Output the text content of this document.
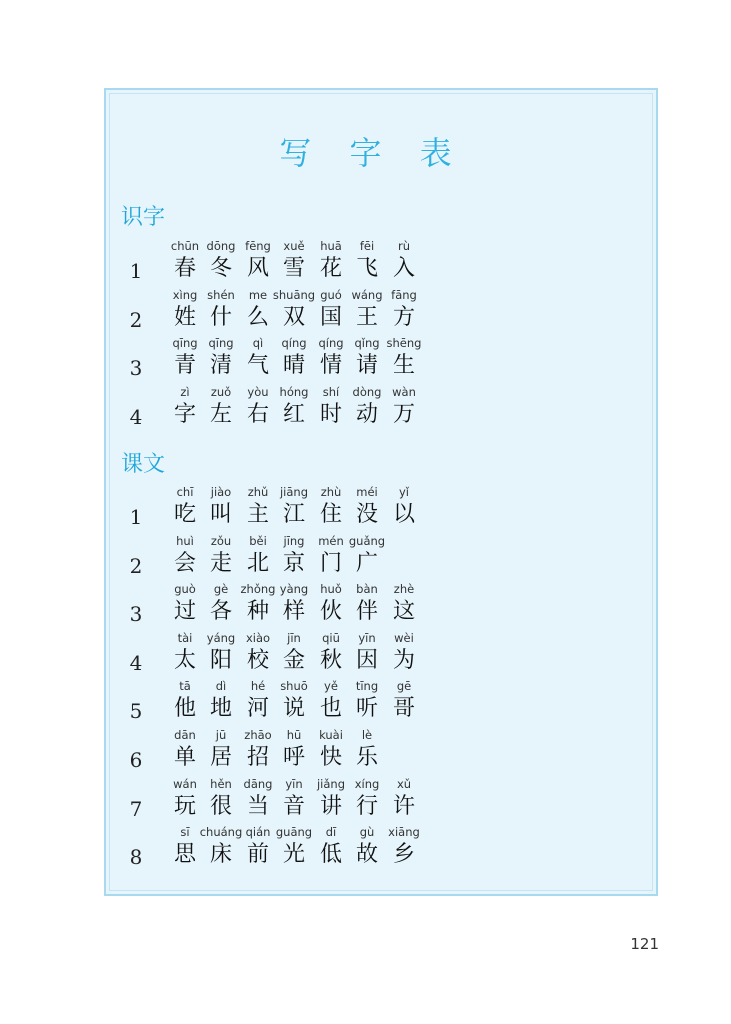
写 字 表
识字
1
chūn
春
dōng
冬
fēng
风
xuě
雪
huā
花
fēi
飞
rù
入
2
xìng
姓
shén
什
me
么
shuāng
双
guó
国
wáng
王
fāng
方
3
qīng
青
qīng
清
qì
气
qíng
晴
qíng
情
qǐng
请
shēng
生
4
zì
字
zuǒ
左
yòu
右
hóng
红
shí
时
dòng
动
wàn
万
课文
1
chī
吃
jiào
叫
zhǔ
主
jiāng
江
zhù
住
méi
没
yǐ
以
2
huì
会
zǒu
走
běi
北
jīng
京
mén
门
guǎng
广
3
guò
过
gè
各
zhǒng
种
yàng
样
huǒ
伙
bàn
伴
zhè
这
4
tài
太
yáng
阳
xiào
校
jīn
金
qiū
秋
yīn
因
wèi
为
5
tā
他
dì
地
hé
河
shuō
说
yě
也
tīng
听
gē
哥
6
dān
单
jū
居
zhāo
招
hū
呼
kuài
快
lè
乐
7
wán
玩
hěn
很
dāng
当
yīn
音
jiǎng
讲
xíng
行
xǔ
许
8
sī
思
chuáng
床
qián
前
guāng
光
dī
低
gù
故
xiāng
乡
121
